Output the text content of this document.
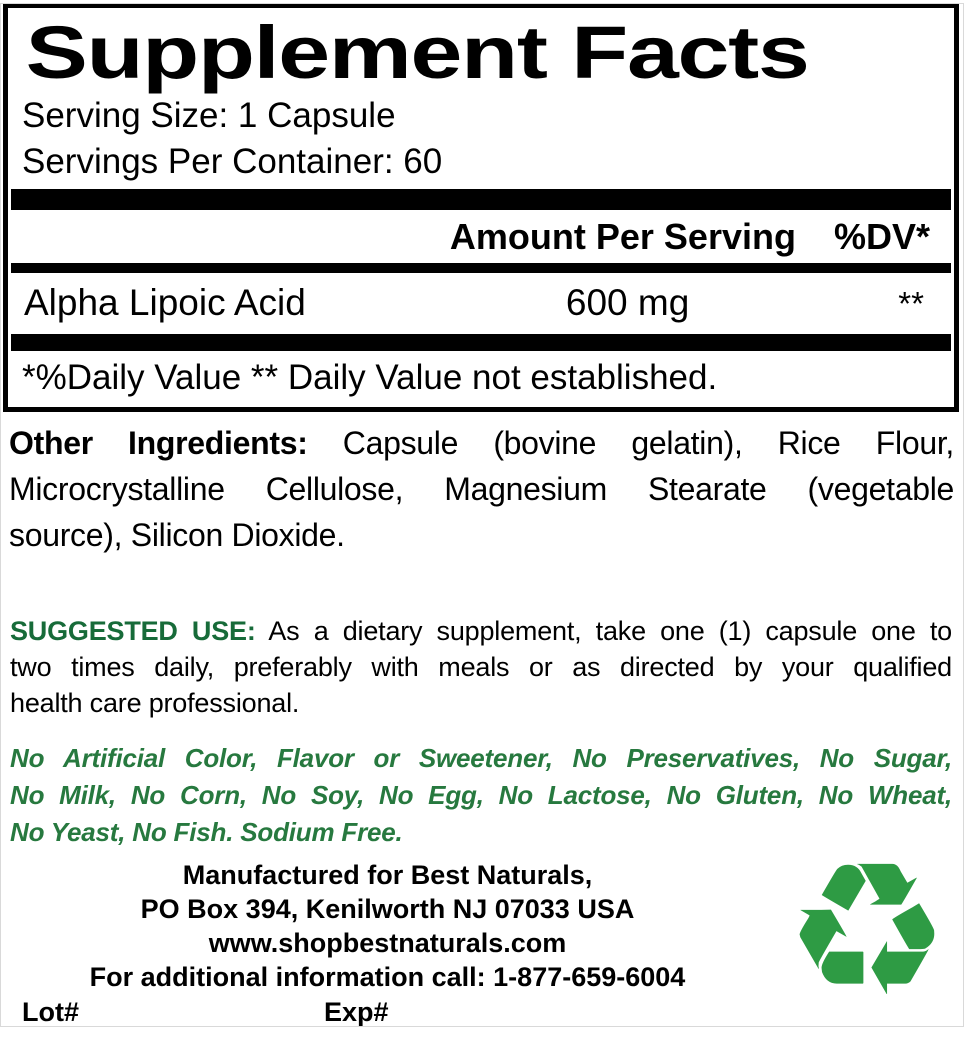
Supplement Facts
Serving Size: 1 Capsule
Servings Per Container: 60
Amount Per Serving %DV*
Alpha Lipoic Acid	600 mg	**
*%Daily Value ** Daily Value not established.
Other Ingredients: Capsule (bovine gelatin), Rice Flour,
Microcrystalline Cellulose, Magnesium Stearate (vegetable
source), Silicon Dioxide.
SUGGESTED USE: As a dietary supplement, take one (1) capsule one to
two times daily, preferably with meals or as directed by your qualified
health care professional.
No Artificial Color, Flavor or Sweetener, No Preservatives, No Sugar,
No Milk, No Corn, No Soy, No Egg, No Lactose, No Gluten, No Wheat,
No Yeast, No Fish. Sodium Free.
Manufactured for Best Naturals,
PO Box 394, Kenilworth NJ 07033 USA
www.shopbestnaturals.com
For additional information call: 1-877-659-6004
Lot#	Exp# ♻
